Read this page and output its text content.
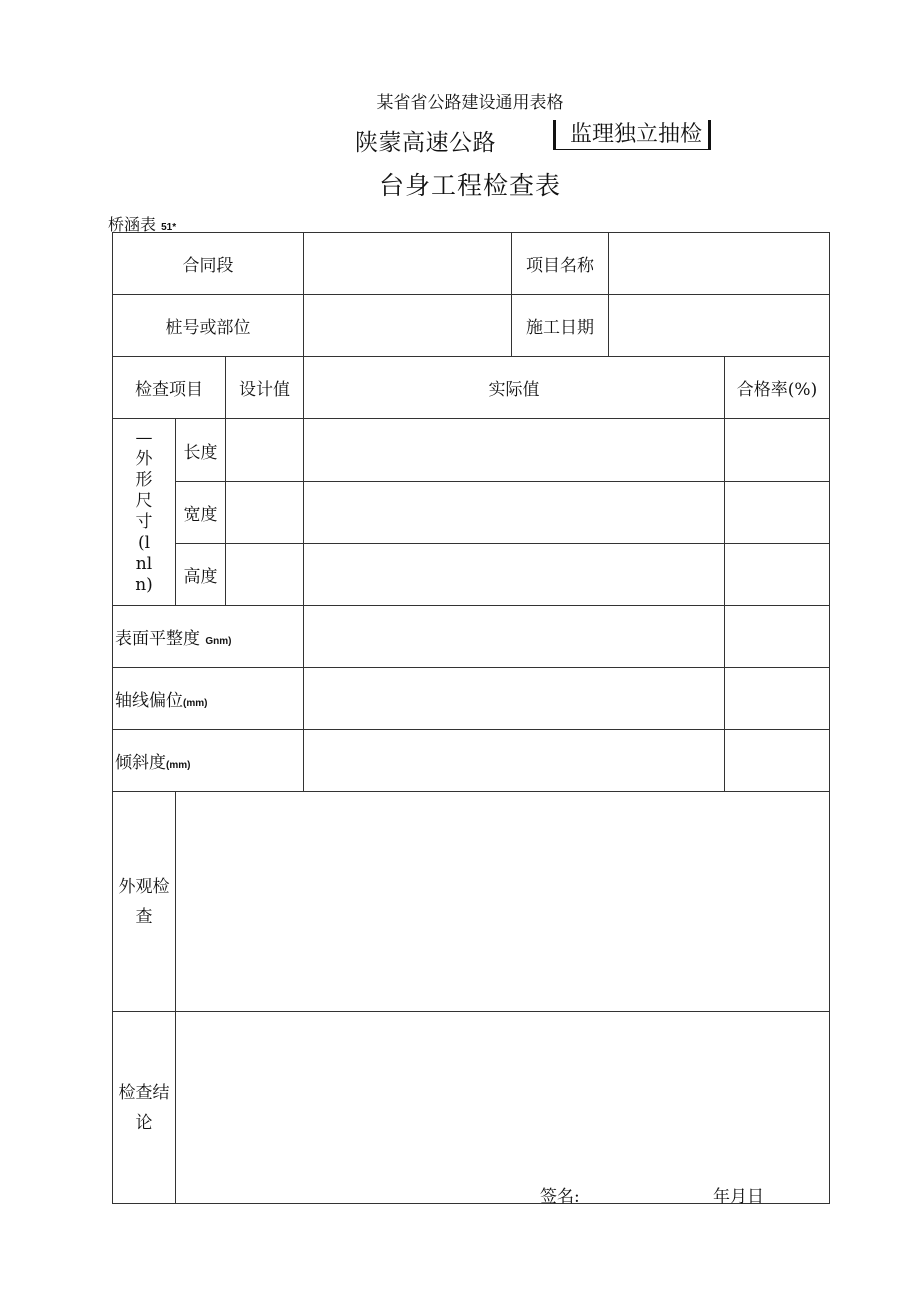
某省省公路建设通用表格
陕蒙高速公路	监理独立抽检
台身工程检查表
桥涵表 51*
合同段				项目名称		
桩号或部位				施工日期		
检查项目		设计值	实际值			合格率(%)
—外形尺寸(lnln)	长度					
	宽度					
	高度					
表面平整度 Gnm)						
轴线偏位(mm)						
倾斜度(mm)						
外观检查						
检查结论						
签名:	年月日
